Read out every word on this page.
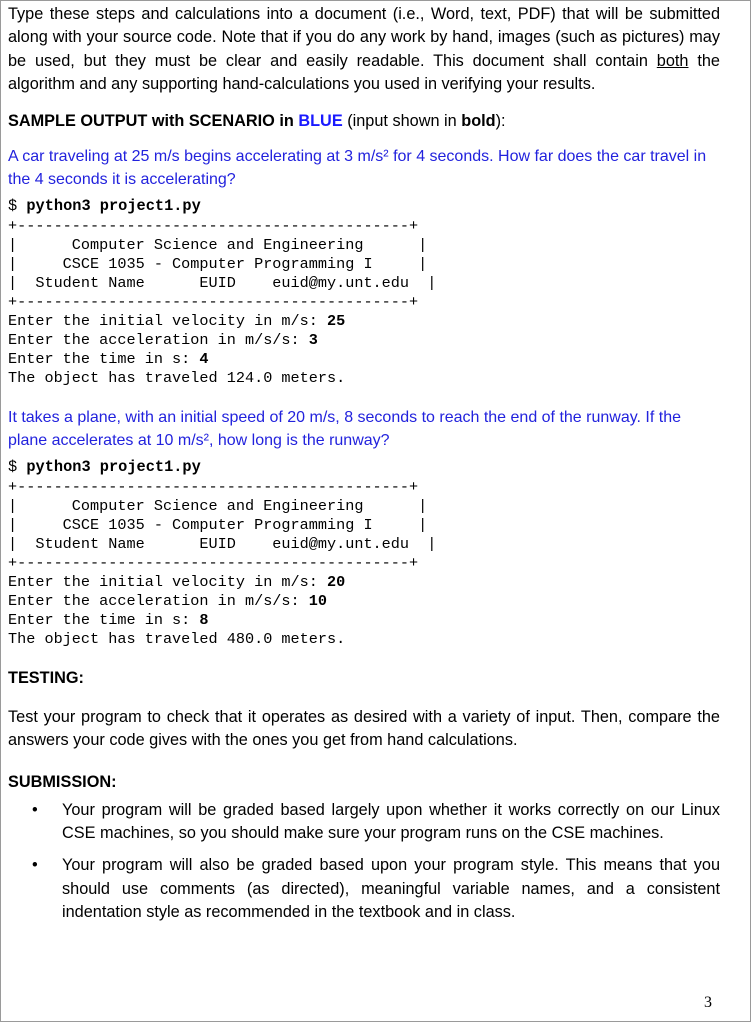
Type these steps and calculations into a document (i.e., Word, text, PDF) that will be submitted along with your source code. Note that if you do any work by hand, images (such as pictures) may be used, but they must be clear and easily readable. This document shall contain both the algorithm and any supporting hand-calculations you used in verifying your results.

SAMPLE OUTPUT with SCENARIO in BLUE (input shown in bold):

A car traveling at 25 m/s begins accelerating at 3 m/s² for 4 seconds. How far does the car travel in the 4 seconds it is accelerating?

$ python3 project1.py

+-------------------------------------------+
|      Computer Science and Engineering      |
|     CSCE 1035 - Computer Programming I     |
|  Student Name      EUID    euid@my.unt.edu  |
+-------------------------------------------+
Enter the initial velocity in m/s: 25
Enter the acceleration in m/s/s: 3
Enter the time in s: 4
The object has traveled 124.0 meters.

It takes a plane, with an initial speed of 20 m/s, 8 seconds to reach the end of the runway. If the plane accelerates at 10 m/s², how long is the runway?

$ python3 project1.py

+-------------------------------------------+
|      Computer Science and Engineering      |
|     CSCE 1035 - Computer Programming I     |
|  Student Name      EUID    euid@my.unt.edu  |
+-------------------------------------------+
Enter the initial velocity in m/s: 20
Enter the acceleration in m/s/s: 10
Enter the time in s: 8
The object has traveled 480.0 meters.

TESTING:

Test your program to check that it operates as desired with a variety of input. Then, compare the answers your code gives with the ones you get from hand calculations.

SUBMISSION:

• Your program will be graded based largely upon whether it works correctly on our Linux CSE machines, so you should make sure your program runs on the CSE machines.
• Your program will also be graded based upon your program style. This means that you should use comments (as directed), meaningful variable names, and a consistent indentation style as recommended in the textbook and in class.
3
